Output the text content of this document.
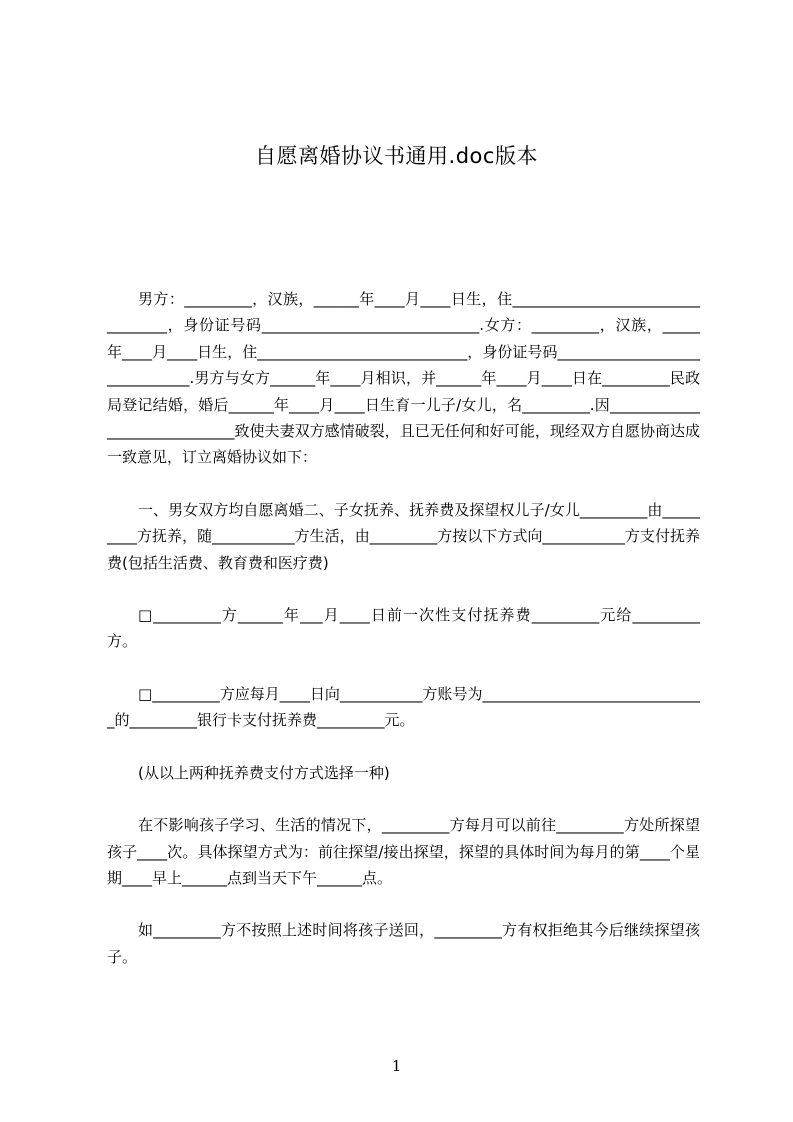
自愿离婚协议书通用.doc版本

男方：_________，汉族，______年____月____日生，住_________________________________，身份证号码_____________________________.女方：_________，汉族，_____年____月____日生，住____________________________，身份证号码______________________________.男方与女方______年____月相识，并______年____月____日在_________民政局登记结婚，婚后______年____月____日生育一儿子/女儿，名_________.因_____________________________致使夫妻双方感情破裂，且已无任何和好可能，现经双方自愿协商达成一致意见，订立离婚协议如下：

一、男女双方均自愿离婚二、子女抚养、抚养费及探望权儿子/女儿_________由_________方抚养，随___________方生活，由_________方按以下方式向___________方支付抚养费(包括生活费、教育费和医疗费)

□_________方______年___月____日前一次性支付抚养费_________元给_________方。

□_________方应每月____日向___________方账号为______________________________的_________银行卡支付抚养费_________元。

(从以上两种抚养费支付方式选择一种)

在不影响孩子学习、生活的情况下，_________方每月可以前往_________方处所探望孩子____次。具体探望方式为：前往探望/接出探望，探望的具体时间为每月的第____个星期____早上______点到当天下午______点。

如_________方不按照上述时间将孩子送回，_________方有权拒绝其今后继续探望孩子。

1
